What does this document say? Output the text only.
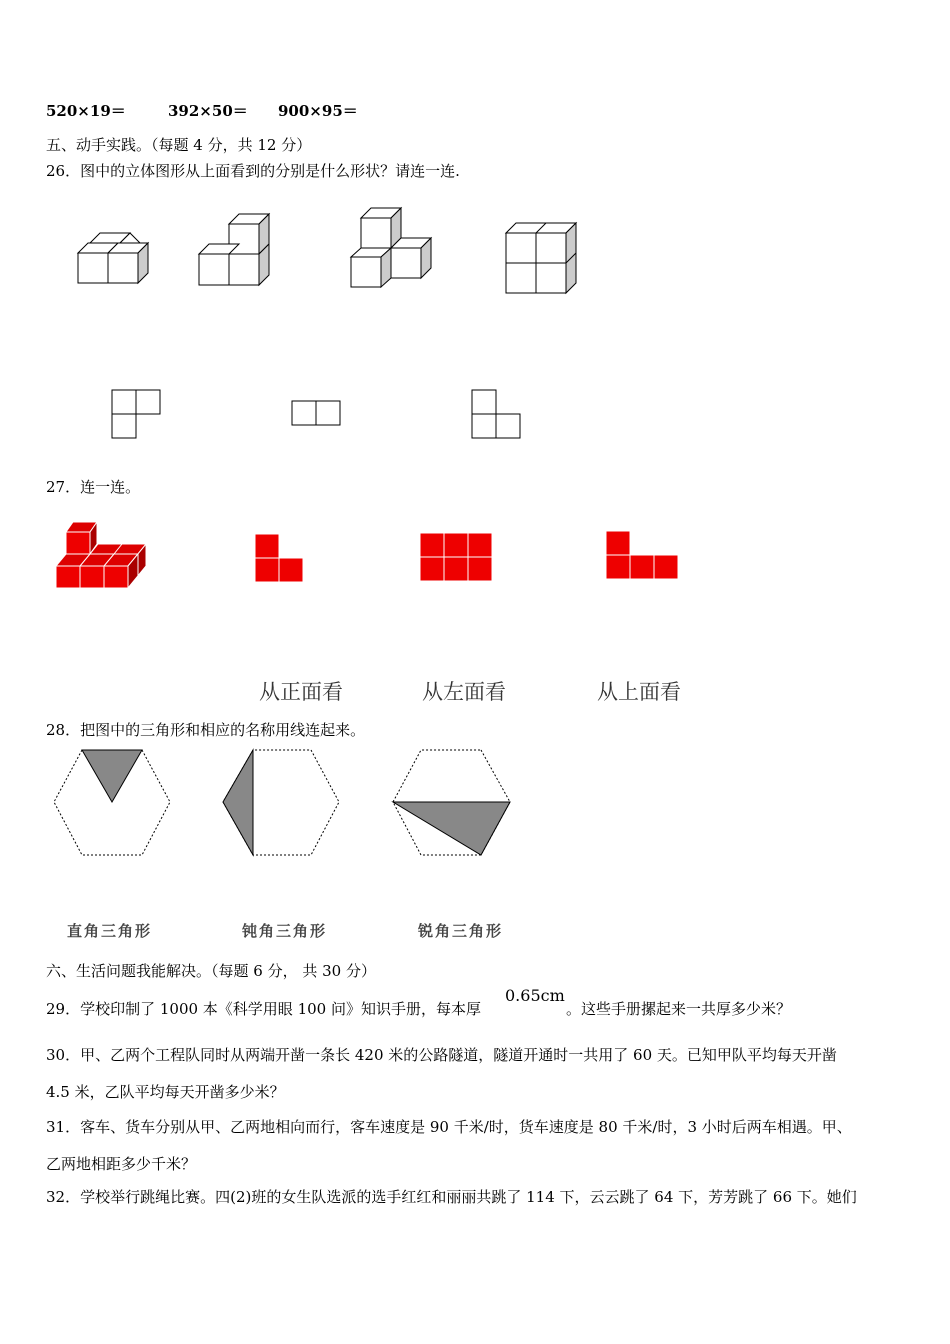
520×19＝	392×50＝ 900×95＝
五、动手实践。（每题 4 分，共 12 分）
26．图中的立体图形从上面看到的分别是什么形状？请连一连.
27．连一连。
从正面看	从左面看	从上面看
28．把图中的三角形和相应的名称用线连起来。
直角三角形	钝角三角形	锐角三角形
六、生活问题我能解决。（每题 6 分， 共 30 分）
29．学校印制了 1000 本《科学用眼 100 问》知识手册，每本厚
0.65cm
。这些手册摞起来一共厚多少米？
30．甲、乙两个工程队同时从两端开凿一条长 420 米的公路隧道，隧道开通时一共用了 60 天。已知甲队平均每天开凿
4.5 米，乙队平均每天开凿多少米？
31．客车、货车分别从甲、乙两地相向而行，客车速度是 90 千米/时，货车速度是 80 千米/时，3 小时后两车相遇。甲、
乙两地相距多少千米？
32．学校举行跳绳比赛。四(2)班的女生队选派的选手红红和丽丽共跳了 114 下，云云跳了 64 下，芳芳跳了 66 下。她们
